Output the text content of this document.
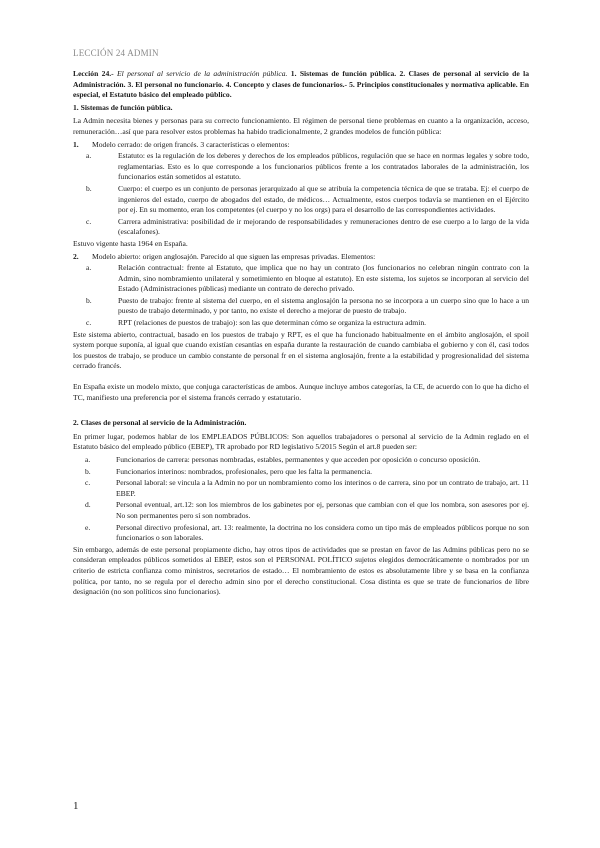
LECCIÓN 24 ADMIN

Lección 24.- El personal al servicio de la administración pública. 1. Sistemas de función pública. 2. Clases de personal al servicio de la Administración. 3. El personal no funcionario. 4. Concepto y clases de funcionarios.- 5. Principios constitucionales y normativa aplicable. En especial, el Estatuto básico del empleado público.

1. Sistemas de función pública.

La Admin necesita bienes y personas para su correcto funcionamiento. El régimen de personal tiene problemas en cuanto a la organización, acceso, remuneración…así que para resolver estos problemas ha habido tradicionalmente, 2 grandes modelos de función pública:

1.	Modelo cerrado: de origen francés. 3 características o elementos:
a.	Estatuto: es la regulación de los deberes y derechos de los empleados públicos, regulación que se hace en normas legales y sobre todo, reglamentarias. Esto es lo que corresponde a los funcionarios públicos frente a los contratados laborales de la administración, los funcionarios están sometidos al estatuto.
b.	Cuerpo: el cuerpo es un conjunto de personas jerarquizado al que se atribuía la competencia técnica de que se trataba. Ej: el cuerpo de ingenieros del estado, cuerpo de abogados del estado, de médicos… Actualmente, estos cuerpos todavía se mantienen en el Ejército por ej. En su momento, eran los competentes (el cuerpo y no los orgs) para el desarrollo de las correspondientes actividades.
c.	Carrera administrativa: posibilidad de ir mejorando de responsabilidades y remuneraciones dentro de ese cuerpo a lo largo de la vida (escalafones).

Estuvo vigente hasta 1964 en España.

2.	Modelo abierto: origen anglosajón. Parecido al que siguen las empresas privadas. Elementos:
a.	Relación contractual: frente al Estatuto, que implica que no hay un contrato (los funcionarios no celebran ningún contrato con la Admin, sino nombramiento unilateral y sometimiento en bloque al estatuto). En este sistema, los sujetos se incorporan al servicio del Estado (Administraciones públicas) mediante un contrato de derecho privado.
b.	Puesto de trabajo: frente al sistema del cuerpo, en el sistema anglosajón la persona no se incorpora a un cuerpo sino que lo hace a un puesto de trabajo determinado, y por tanto, no existe el derecho a mejorar de puesto de trabajo.
c.	RPT (relaciones de puestos de trabajo): son las que determinan cómo se organiza la estructura admin.

Este sistema abierto, contractual, basado en los puestos de trabajo y RPT, es el que ha funcionado habitualmente en el ámbito anglosajón, el spoil system porque suponía, al igual que cuando existían cesantías en españa durante la restauración de cuando cambiaba el gobierno y con él, casi todos los puestos de trabajo, se produce un cambio constante de personal fr en el sistema anglosajón, frente a la estabilidad y progresionalidad del sistema cerrado francés.

En España existe un modelo mixto, que conjuga características de ambos. Aunque incluye ambos categorías, la CE, de acuerdo con lo que ha dicho el TC, manifiesto una preferencia por el sistema francés cerrado y estatutario.

2. Clases de personal al servicio de la Administración.

En primer lugar, podemos hablar de los EMPLEADOS PÚBLICOS: Son aquellos trabajadores o personal al servicio de la Admin reglado en el Estatuto básico del empleado público (EBEP), TR aprobado por RD legislativo 5/2015 Según el art.8 pueden ser:

a.	Funcionarios de carrera: personas nombradas, estables, permanentes y que acceden por oposición o concurso oposición.
b.	Funcionarios interinos: nombrados, profesionales, pero que les falta la permanencia.
c.	Personal laboral: se vincula a la Admin no por un nombramiento como los interinos o de carrera, sino por un contrato de trabajo, art. 11 EBEP.
d.	Personal eventual, art.12: son los miembros de los gabinetes por ej, personas que cambian con el que los nombra, son asesores por ej. No son permanentes pero sí son nombrados.
e.	Personal directivo profesional, art. 13: realmente, la doctrina no los considera como un tipo más de empleados públicos porque no son funcionarios o son laborales.

Sin embargo, además de este personal propiamente dicho, hay otros tipos de actividades que se prestan en favor de las Admins públicas pero no se consideran empleados públicos sometidos al EBEP, estos son el PERSONAL POLÍTICO sujetos elegidos democráticamente o nombrados por un criterio de estricta confianza como ministros, secretarios de estado… El nombramiento de estos es absolutamente libre y se basa en la confianza política, por tanto, no se regula por el derecho admin sino por el derecho constitucional. Cosa distinta es que se trate de funcionarios de libre designación (no son políticos sino funcionarios).

1
